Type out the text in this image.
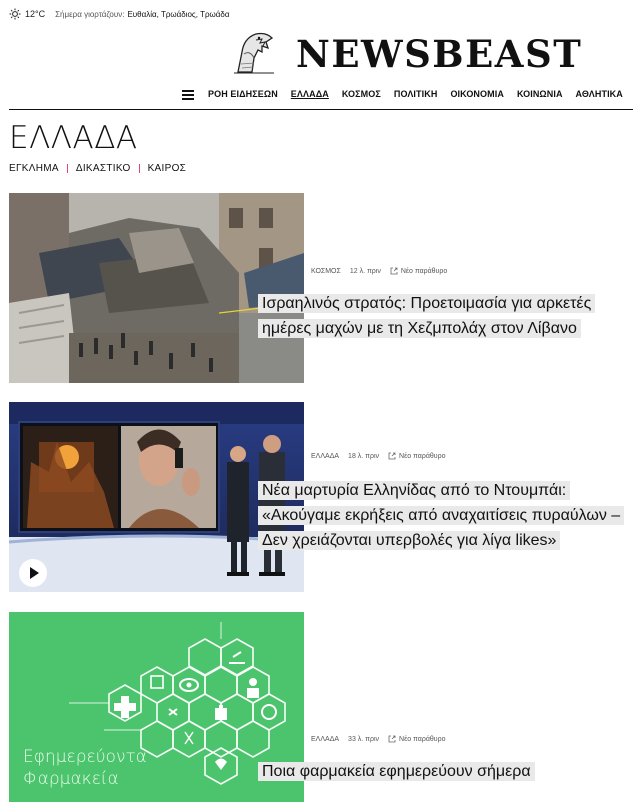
12°C Σήμερα γιορτάζουν: Ευθαλία, Τρωάδιος, Τρωάδα
NEWSBEAST
ΡΟΗ ΕΙΔΗΣΕΩΝ ΕΛΛΑΔΑ ΚΟΣΜΟΣ ΠΟΛΙΤΙΚΗ ΟΙΚΟΝΟΜΙΑ ΚΟΙΝΩΝΙΑ ΑΘΛΗΤΙΚΑ
ΕΛΛΑΔΑ
ΕΓΚΛΗΜΑ ΔΙΚΑΣΤΙΚΟ ΚΑΙΡΟΣ
ΚΟΣΜΟΣ 12 λ. πριν	Νέο παράθυρο
Ισραηλινός στρατός: Προετοιμασία για αρκετές ημέρες μαχών με τη Χεζμπολάχ στον Λίβανο
ΕΛΛΑΔΑ 18 λ. πριν	Νέο παράθυρο
Νέα μαρτυρία Ελληνίδας από το Ντουμπάι: «Ακούγαμε εκρήξεις από αναχαιτίσεις πυραύλων – Δεν χρειάζονται υπερβολές για λίγα likes»
Εφημερεύοντα
Φαρμακεία
ΕΛΛΑΔΑ 33 λ. πριν	Νέο παράθυρο
Ποια φαρμακεία εφημερεύουν σήμερα
